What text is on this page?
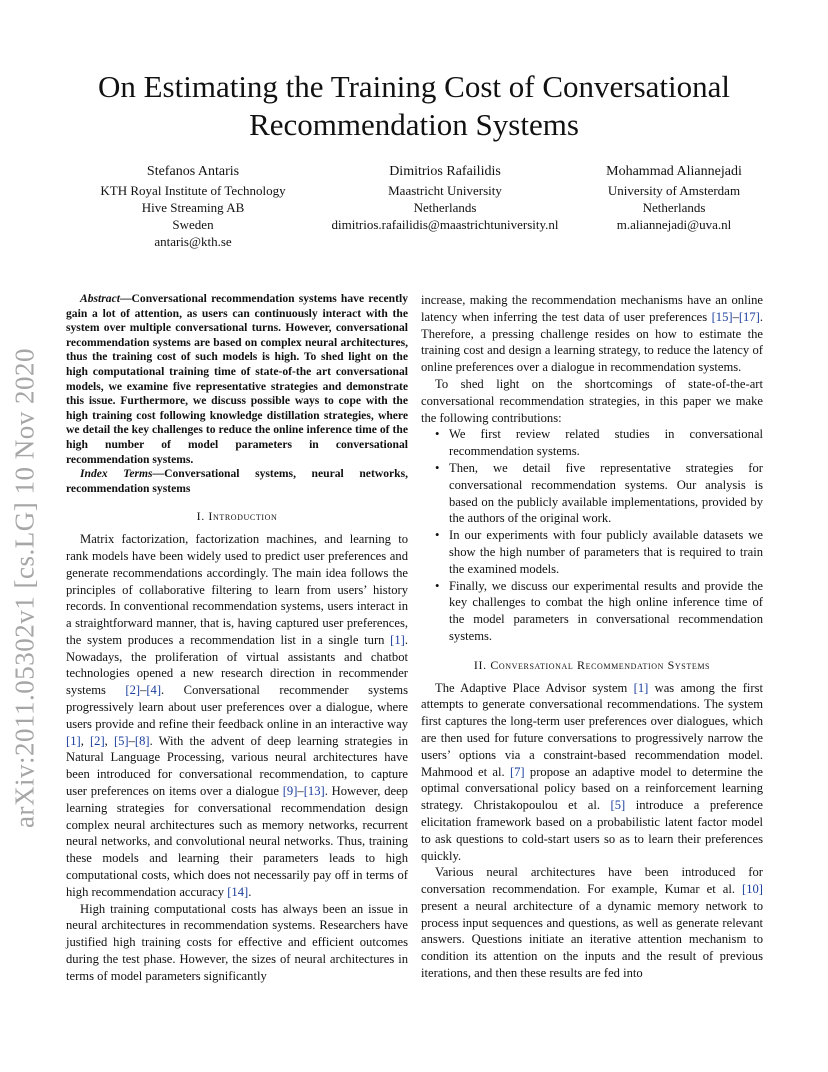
On Estimating the Training Cost of Conversational
Recommendation Systems
Stefanos Antaris
KTH Royal Institute of Technology
Hive Streaming AB
Sweden
antaris@kth.se
Dimitrios Rafailidis
Maastricht University
Netherlands
dimitrios.rafailidis@maastrichtuniversity.nl
Mohammad Aliannejadi
University of Amsterdam
Netherlands
m.aliannejadi@uva.nl
arXiv:2011.05302v1 [cs.LG] 10 Nov 2020

Abstract—Conversational recommendation systems have recently gain a lot of attention, as users can continuously interact with the system over multiple conversational turns. However, conversational recommendation systems are based on complex neural architectures, thus the training cost of such models is high. To shed light on the high computational training time of state-of-the art conversational models, we examine five representative strategies and demonstrate this issue. Furthermore, we discuss possible ways to cope with the high training cost following knowledge distillation strategies, where we detail the key challenges to reduce the online inference time of the high number of model parameters in conversational recommendation systems.

Index Terms—Conversational systems, neural networks, recommendation systems

I. Introduction

Matrix factorization, factorization machines, and learning to rank models have been widely used to predict user preferences and generate recommendations accordingly. The main idea follows the principles of collaborative filtering to learn from users’ history records. In conventional recommendation systems, users interact in a straightforward manner, that is, having captured user preferences, the system produces a recommendation list in a single turn [1]. Nowadays, the proliferation of virtual assistants and chatbot technologies opened a new research direction in recommender systems [2]–[4]. Conversational recommender systems progressively learn about user preferences over a dialogue, where users provide and refine their feedback online in an interactive way [1], [2], [5]–[8]. With the advent of deep learning strategies in Natural Language Processing, various neural architectures have been introduced for conversational recommendation, to capture user preferences on items over a dialogue [9]–[13]. However, deep learning strategies for conversational recommendation design complex neural architectures such as memory networks, recurrent neural networks, and convolutional neural networks. Thus, training these models and learning their parameters leads to high computational costs, which does not necessarily pay off in terms of high recommendation accuracy [14].

High training computational costs has always been an issue in neural architectures in recommendation systems. Researchers have justified high training costs for effective and efficient outcomes during the test phase. However, the sizes of neural architectures in terms of model parameters significantly

increase, making the recommendation mechanisms have an online latency when inferring the test data of user preferences [15]–[17]. Therefore, a pressing challenge resides on how to estimate the training cost and design a learning strategy, to reduce the latency of online preferences over a dialogue in recommendation systems.

To shed light on the shortcomings of state-of-the-art conversational recommendation strategies, in this paper we make the following contributions:

• We first review related studies in conversational recommendation systems.
• Then, we detail five representative strategies for conversational recommendation systems. Our analysis is based on the publicly available implementations, provided by the authors of the original work.
• In our experiments with four publicly available datasets we show the high number of parameters that is required to train the examined models.
• Finally, we discuss our experimental results and provide the key challenges to combat the high online inference time of the model parameters in conversational recommendation systems.
II. Conversational Recommendation Systems

The Adaptive Place Advisor system [1] was among the first attempts to generate conversational recommendations. The system first captures the long-term user preferences over dialogues, which are then used for future conversations to progressively narrow the users’ options via a constraint-based recommendation model. Mahmood et al. [7] propose an adaptive model to determine the optimal conversational policy based on a reinforcement learning strategy. Christakopoulou et al. [5] introduce a preference elicitation framework based on a probabilistic latent factor model to ask questions to cold-start users so as to learn their preferences quickly.

Various neural architectures have been introduced for conversation recommendation. For example, Kumar et al. [10] present a neural architecture of a dynamic memory network to process input sequences and questions, as well as generate relevant answers. Questions initiate an iterative attention mechanism to condition its attention on the inputs and the result of previous iterations, and then these results are fed into
